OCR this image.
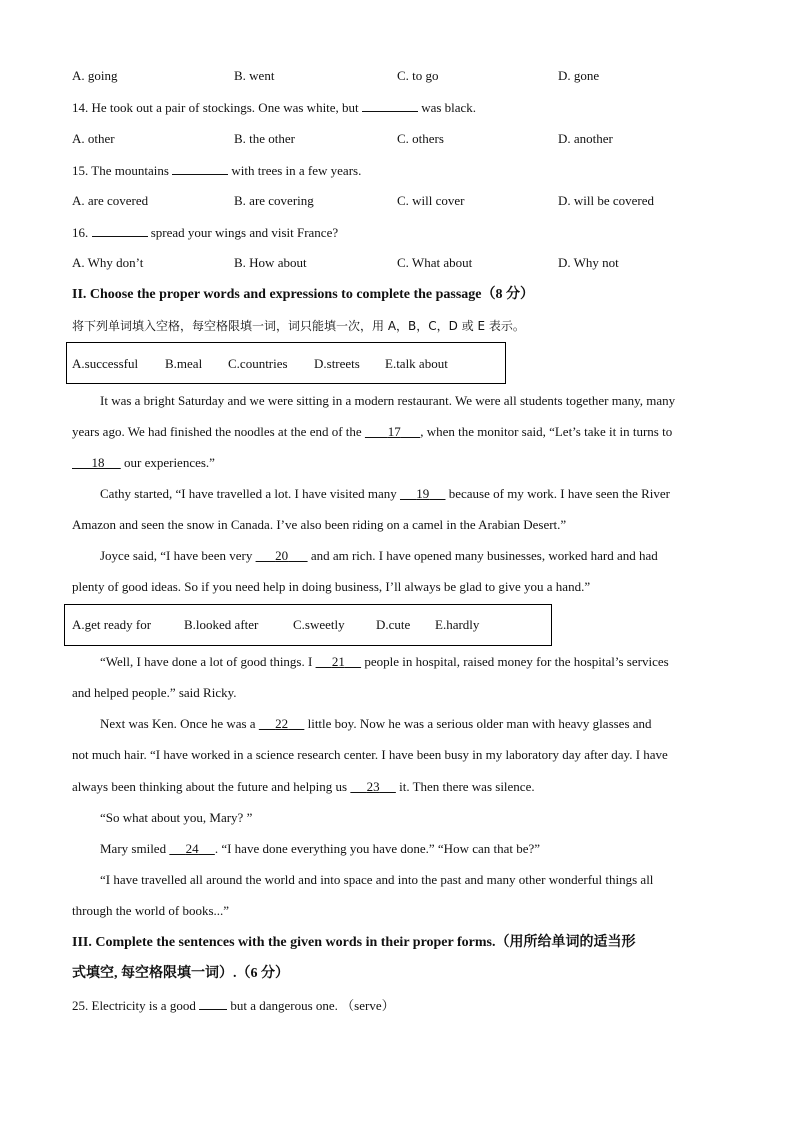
A. going	B. went	C. to go	D. gone
14. He took out a pair of stockings. One was white, but	was black.
A. other	B. the other	C. others	D. another
15. The mountains	with trees in a few years.
A. are covered	B. are covering	C. will cover	D. will be covered
16.	spread your wings and visit France?
A. Why don’t	B. How about	C. What about	D. Why not
II. Choose the proper words and expressions to complete the passage（8 分）
将下列单词填入空格，每空格限填一词，词只能填一次，用 A，B，C，D 或 E 表示。
A.successful B.meal C.countries D.streets E.talk about
It was a bright Saturday and we were sitting in a modern restaurant. We were all students together many, many
years ago. We had finished the noodles at the end of the 17 , when the monitor said, “Let’s take it in turns to
18 our experiences.”
Cathy started, “I have travelled a lot. I have visited many 19 because of my work. I have seen the River
Amazon and seen the snow in Canada. I’ve also been riding on a camel in the Arabian Desert.”
Joyce said, “I have been very 20 and am rich. I have opened many businesses, worked hard and had
plenty of good ideas. So if you need help in doing business, I’ll always be glad to give you a hand.”
A.get ready for	B.looked after	C.sweetly D.cute E.hardly
“Well, I have done a lot of good things. I 21 people in hospital, raised money for the hospital’s services
and helped people.” said Ricky.
Next was Ken. Once he was a 22 little boy. Now he was a serious older man with heavy glasses and
not much hair. “I have worked in a science research center. I have been busy in my laboratory day after day. I have
always been thinking about the future and helping us 23 it. Then there was silence.
“So what about you, Mary? ”
Mary smiled 24 . “I have done everything you have done.” “How can that be?”
“I have travelled all around the world and into space and into the past and many other wonderful things all
through the world of books...”
III. Complete the sentences with the given words in their proper forms.（用所给单词的适当形
式填空, 每空格限填一词）.（6 分）
25. Electricity is a good	but a dangerous one. （serve）
